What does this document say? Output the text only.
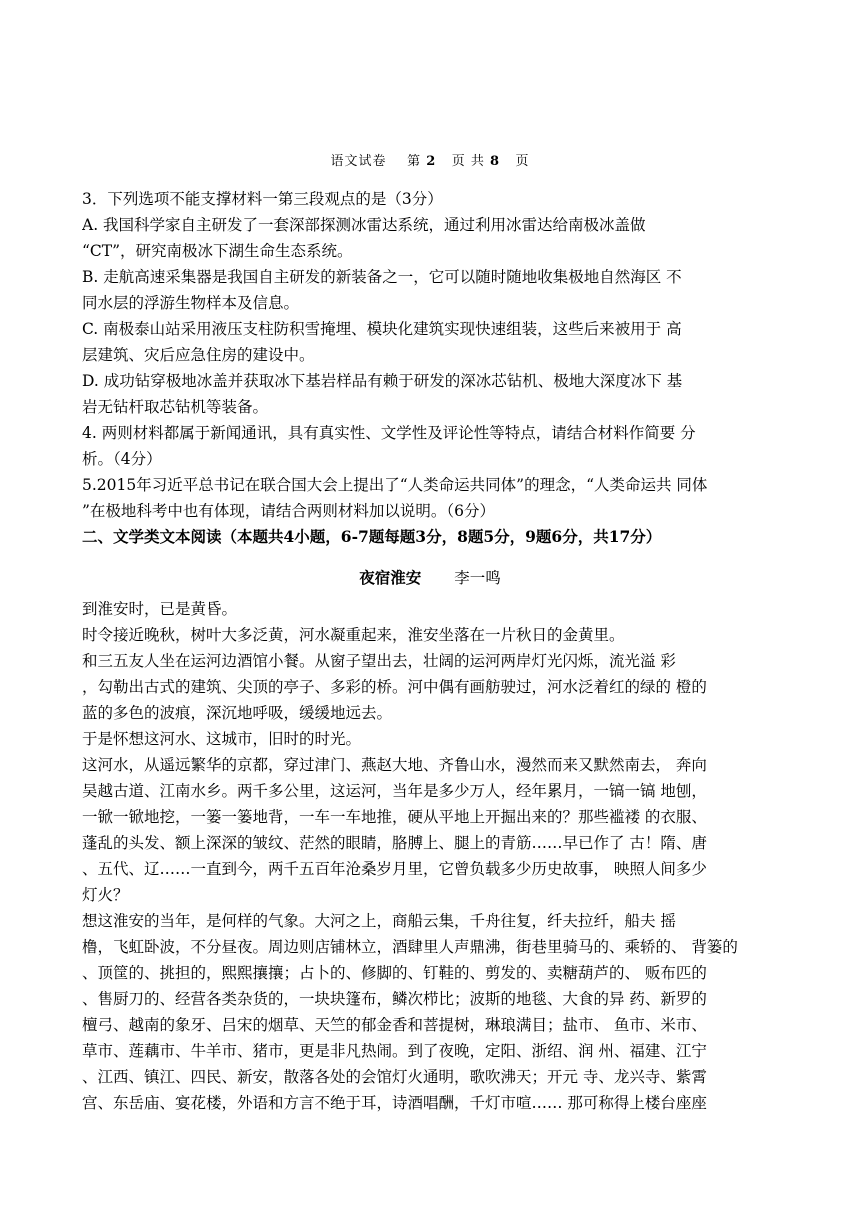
语文试卷 第 2 页 共 8 页
3．下列选项不能支撑材料一第三段观点的是（3分）
A. 我国科学家自主研发了一套深部探测冰雷达系统，通过利用冰雷达给南极冰盖做
“CT”，研究南极冰下湖生命生态系统。
B. 走航高速采集器是我国自主研发的新装备之一，它可以随时随地收集极地自然海区 不
同水层的浮游生物样本及信息。
C. 南极泰山站采用液压支柱防积雪掩埋、模块化建筑实现快速组装，这些后来被用于 高
层建筑、灾后应急住房的建设中。
D. 成功钻穿极地冰盖并获取冰下基岩样品有赖于研发的深冰芯钻机、极地大深度冰下 基
岩无钻杆取芯钻机等装备。
4. 两则材料都属于新闻通讯，具有真实性、文学性及评论性等特点，请结合材料作简要 分
析。（4分）
5.2015年习近平总书记在联合国大会上提出了“人类命运共同体”的理念，“人类命运共 同体
”在极地科考中也有体现，请结合两则材料加以说明。（6分）
二、文学类文本阅读（本题共4小题，6-7题每题3分，8题5分，9题6分，共17分）
夜宿淮安 李一鸣
到淮安时，已是黄昏。
时令接近晚秋，树叶大多泛黄，河水凝重起来，淮安坐落在一片秋日的金黄里。
和三五友人坐在运河边酒馆小餐。从窗子望出去，壮阔的运河两岸灯光闪烁，流光溢 彩
，勾勒出古式的建筑、尖顶的亭子、多彩的桥。河中偶有画舫驶过，河水泛着红的绿的 橙的
蓝的多色的波痕，深沉地呼吸，缓缓地远去。
于是怀想这河水、这城市，旧时的时光。
这河水，从遥远繁华的京都，穿过津门、燕赵大地、齐鲁山水，漫然而来又默然南去， 奔向
吴越古道、江南水乡。两千多公里，这运河，当年是多少万人，经年累月，一镐一镐 地刨，
一锨一锨地挖，一篓一篓地背，一车一车地推，硬从平地上开掘出来的？那些褴褛 的衣服、
蓬乱的头发、额上深深的皱纹、茫然的眼睛，胳膊上、腿上的青筋……早已作了 古！隋、唐
、五代、辽……一直到今，两千五百年沧桑岁月里，它曾负载多少历史故事， 映照人间多少
灯火？
想这淮安的当年，是何样的气象。大河之上，商船云集，千舟往复，纤夫拉纤，船夫 摇
橹，飞虹卧波，不分昼夜。周边则店铺林立，酒肆里人声鼎沸，街巷里骑马的、乘轿的、 背篓的
、顶筐的、挑担的，熙熙攘攘；占卜的、修脚的、钉鞋的、剪发的、卖糖葫芦的、 贩布匹的
、售厨刀的、经营各类杂货的，一块块篷布，鳞次栉比；波斯的地毯、大食的异 药、新罗的
檀弓、越南的象牙、吕宋的烟草、天竺的郁金香和菩提树，琳琅满目；盐市、 鱼市、米市、
草市、莲藕市、牛羊市、猪市，更是非凡热闹。到了夜晚，定阳、浙绍、润 州、福建、江宁
、江西、镇江、四民、新安，散落各处的会馆灯火通明，歌吹沸天；开元 寺、龙兴寺、紫霄
宫、东岳庙、宴花楼，外语和方言不绝于耳，诗酒唱酬，千灯市喧…… 那可称得上楼台座座
